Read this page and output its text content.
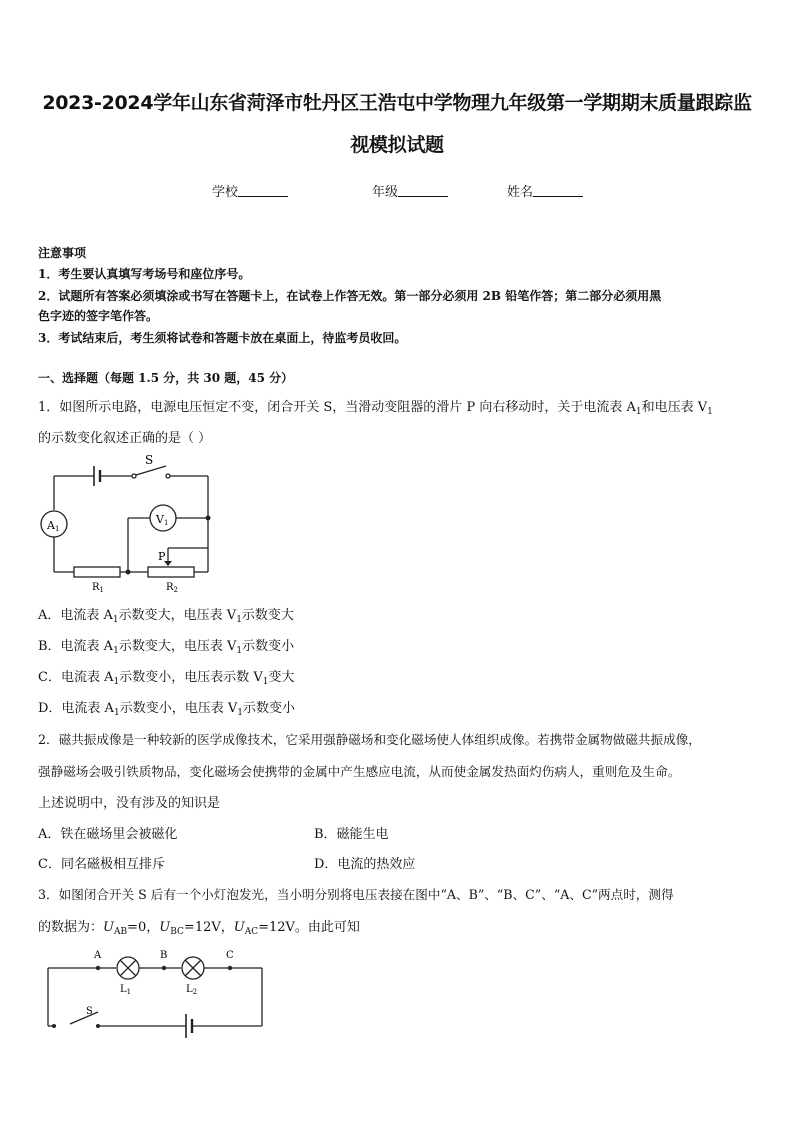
2023-2024学年山东省菏泽市牡丹区王浩屯中学物理九年级第一学期期末质量跟踪监
视模拟试题
学校	年级	姓名
注意事项
1．考生要认真填写考场号和座位序号。
2．试题所有答案必须填涂或书写在答题卡上，在试卷上作答无效。第一部分必须用 2B 铅笔作答；第二部分必须用黑
色字迹的签字笔作答。
3．考试结束后，考生须将试卷和答题卡放在桌面上，待监考员收回。
一、选择题（每题 1.5 分，共 30 题，45 分）
1．如图所示电路，电源电压恒定不变，闭合开关 S，当滑动变阻器的滑片 P 向右移动时，关于电流表 $A_1$和电压表 $V_1$
的示数变化叙述正确的是（ ）
S
A1
V1
P
$R_1$	$R_2$
A．电流表 $A_1$示数变大，电压表 $V_1$示数变大
B．电流表 $A_1$示数变大，电压表 $V_1$示数变小
C．电流表 $A_1$示数变小，电压表示数 $V_1$变大
D．电流表 $A_1$示数变小，电压表 $V_1$示数变小
2．磁共振成像是一种较新的医学成像技术，它采用强静磁场和变化磁场使人体组织成像。若携带金属物做磁共振成像，
强静磁场会吸引铁质物品，变化磁场会使携带的金属中产生感应电流，从而使金属发热面灼伤病人，重则危及生命。
上述说明中，没有涉及的知识是
A．铁在磁场里会被磁化	B．磁能生电
C．同名磁极相互排斥	D．电流的热效应
3．如图闭合开关 S 后有一个小灯泡发光，当小明分别将电压表接在图中“A、B”、“B、C”、“A、C”两点时，测得
的数据为：$U_{AB}=0$，$U_{BC}=12V$，$U_{AC}=12V$。由此可知
A	B	C
$L_1$	$L_2$
S
